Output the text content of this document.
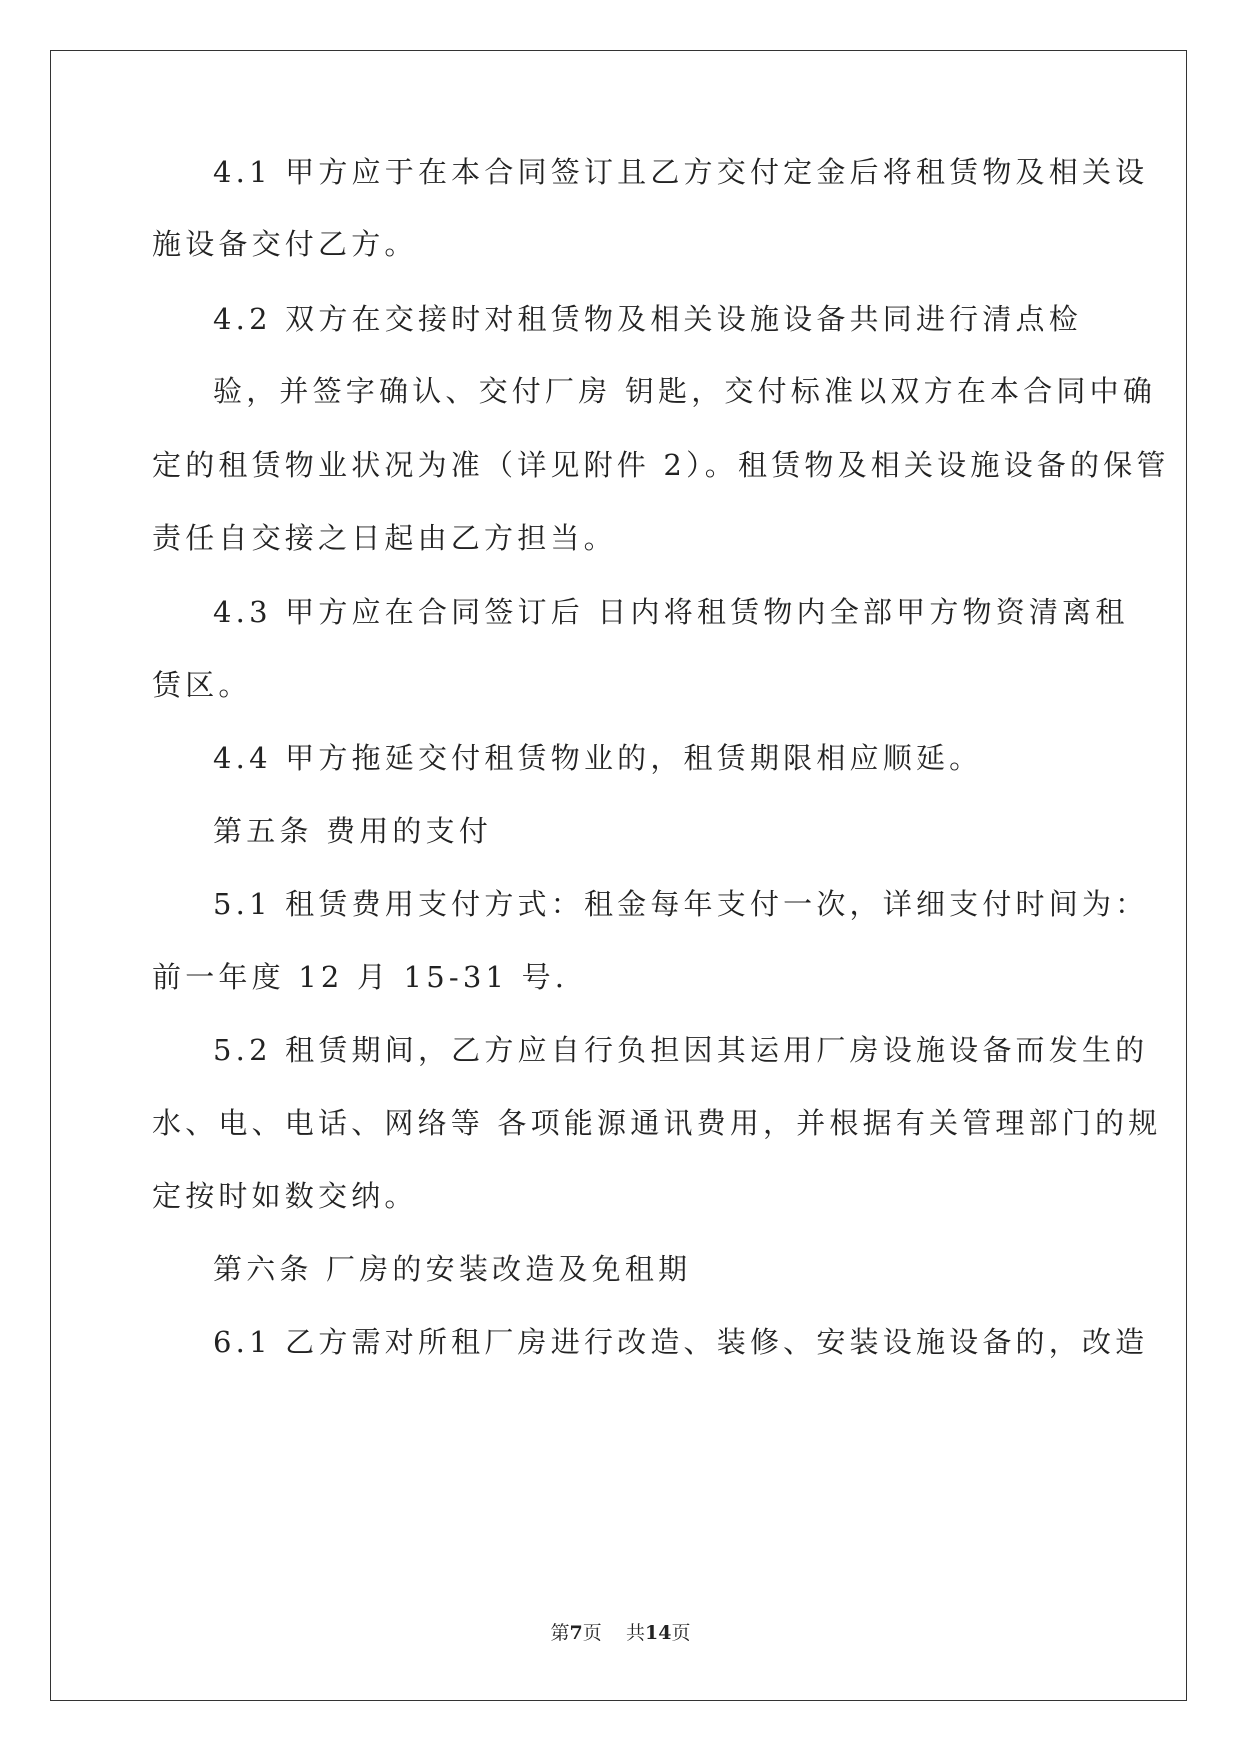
4.1 甲方应于在本合同签订且乙方交付定金后将租赁物及相关设
施设备交付乙方。
4.2 双方在交接时对租赁物及相关设施设备共同进行清点检
验，并签字确认、交付厂房 钥匙，交付标准以双方在本合同中确
定的租赁物业状况为准（详见附件 2）。租赁物及相关设施设备的保管
责任自交接之日起由乙方担当。
4.3 甲方应在合同签订后 日内将租赁物内全部甲方物资清离租
赁区。
4.4 甲方拖延交付租赁物业的，租赁期限相应顺延。
第五条 费用的支付
5.1 租赁费用支付方式：租金每年支付一次，详细支付时间为：
前一年度 12 月 15-31 号.
5.2 租赁期间，乙方应自行负担因其运用厂房设施设备而发生的
水、电、电话、网络等 各项能源通讯费用，并根据有关管理部门的规
定按时如数交纳。
第六条 厂房的安装改造及免租期
6.1 乙方需对所租厂房进行改造、装修、安装设施设备的，改造
第7页 共14页
